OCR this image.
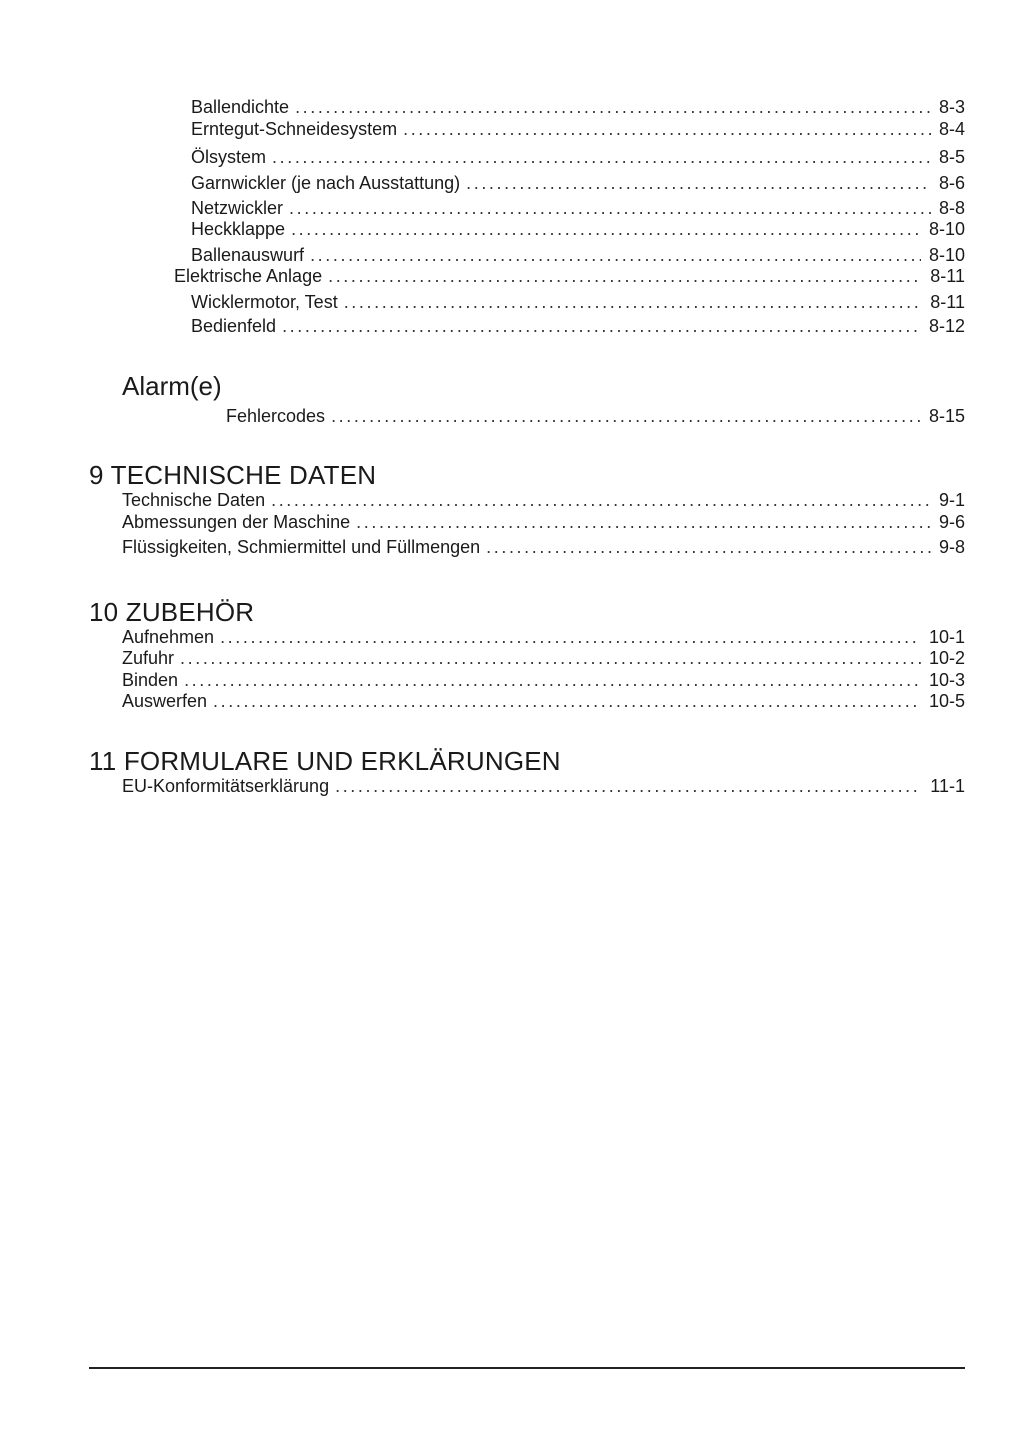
Ballendichte .....	8-3
Erntegut-Schneidesystem .....	8-4
Ölsystem .....	8-5
Garnwickler (je nach Ausstattung) .....	8-6
Netzwickler .....	8-8
Heckklappe .....	8-10
Ballenauswurf .....	8-10
Elektrische Anlage .....	8-11
Wicklermotor, Test .....	8-11
Bedienfeld .....	8-12
Alarm(e)
Fehlercodes .....	8-15
9 TECHNISCHE DATEN
Technische Daten .....	9-1
Abmessungen der Maschine .....	9-6
Flüssigkeiten, Schmiermittel und Füllmengen .....	9-8
10 ZUBEHÖR
Aufnehmen .....	10-1
Zufuhr .....	10-2
Binden .....	10-3
Auswerfen .....	10-5
11 FORMULARE UND ERKLÄRUNGEN
EU-Konformitätserklärung .....	11-1
